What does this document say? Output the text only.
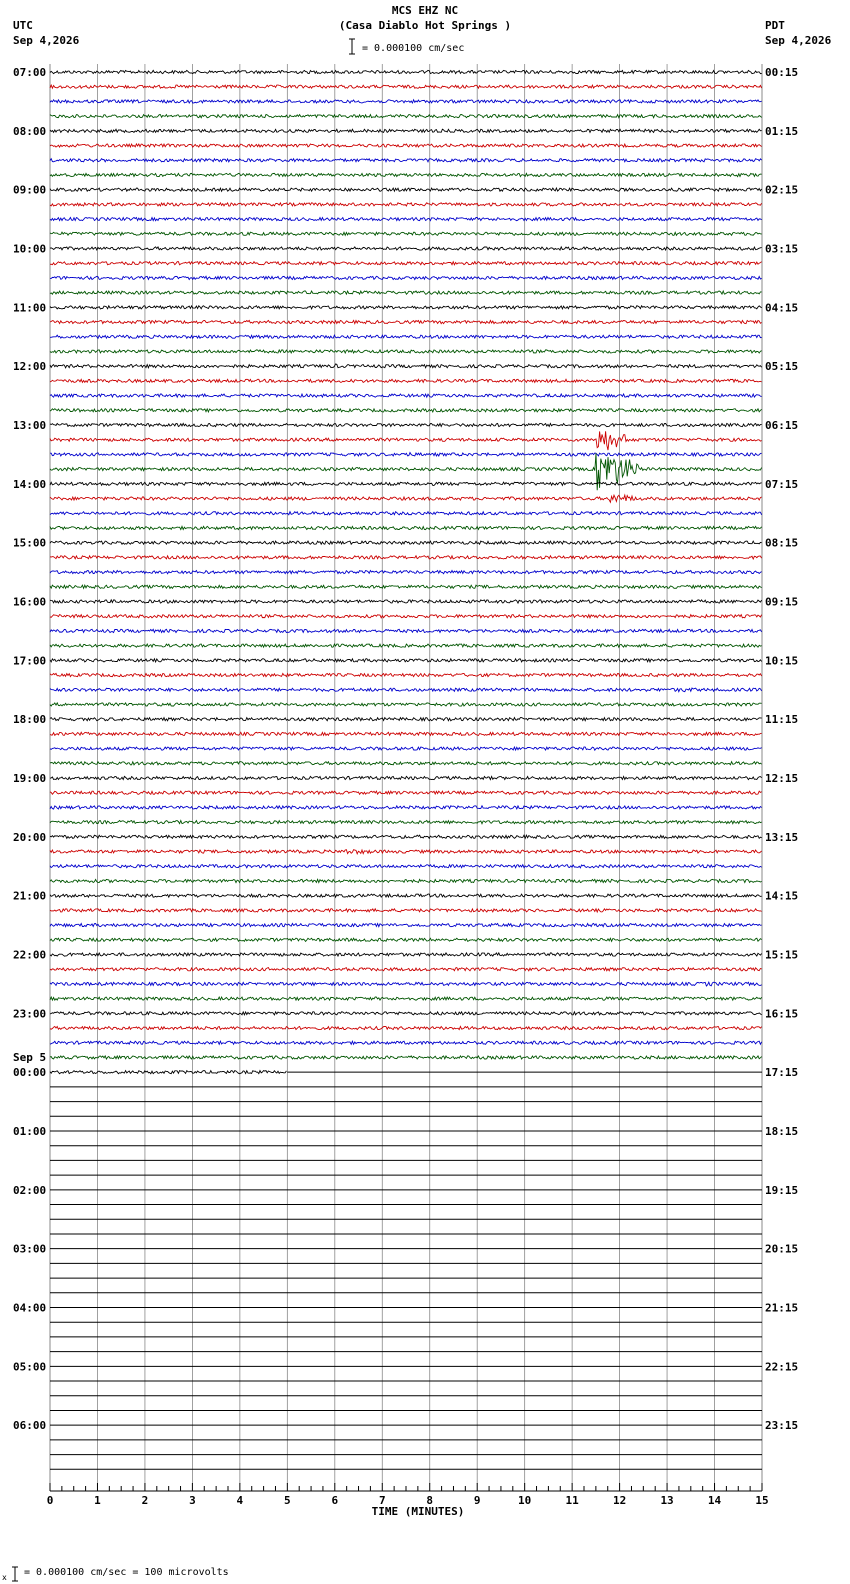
MCS EHZ NC
(Casa Diablo Hot Springs )
UTC
Sep 4,2026
PDT
Sep 4,2026
= 0.000100 cm/sec
07:00	00:15
08:00	01:15
09:00	02:15
10:00	03:15
11:00	04:15
12:00	05:15
13:00	06:15
14:00	07:15
15:00	08:15
16:00	09:15
17:00	10:15
18:00	11:15
19:00	12:15
20:00	13:15
21:00	14:15
22:00	15:15
23:00	16:15
00:00	17:15
01:00	18:15
02:00	19:15
03:00	20:15
04:00	21:15
05:00	22:15
06:00	23:15
Sep 5
0	1	2	3	4	5	6	7	8	9	10	11	12	13	14	15
TIME (MINUTES)
x = 0.000100 cm/sec = 100 microvolts
